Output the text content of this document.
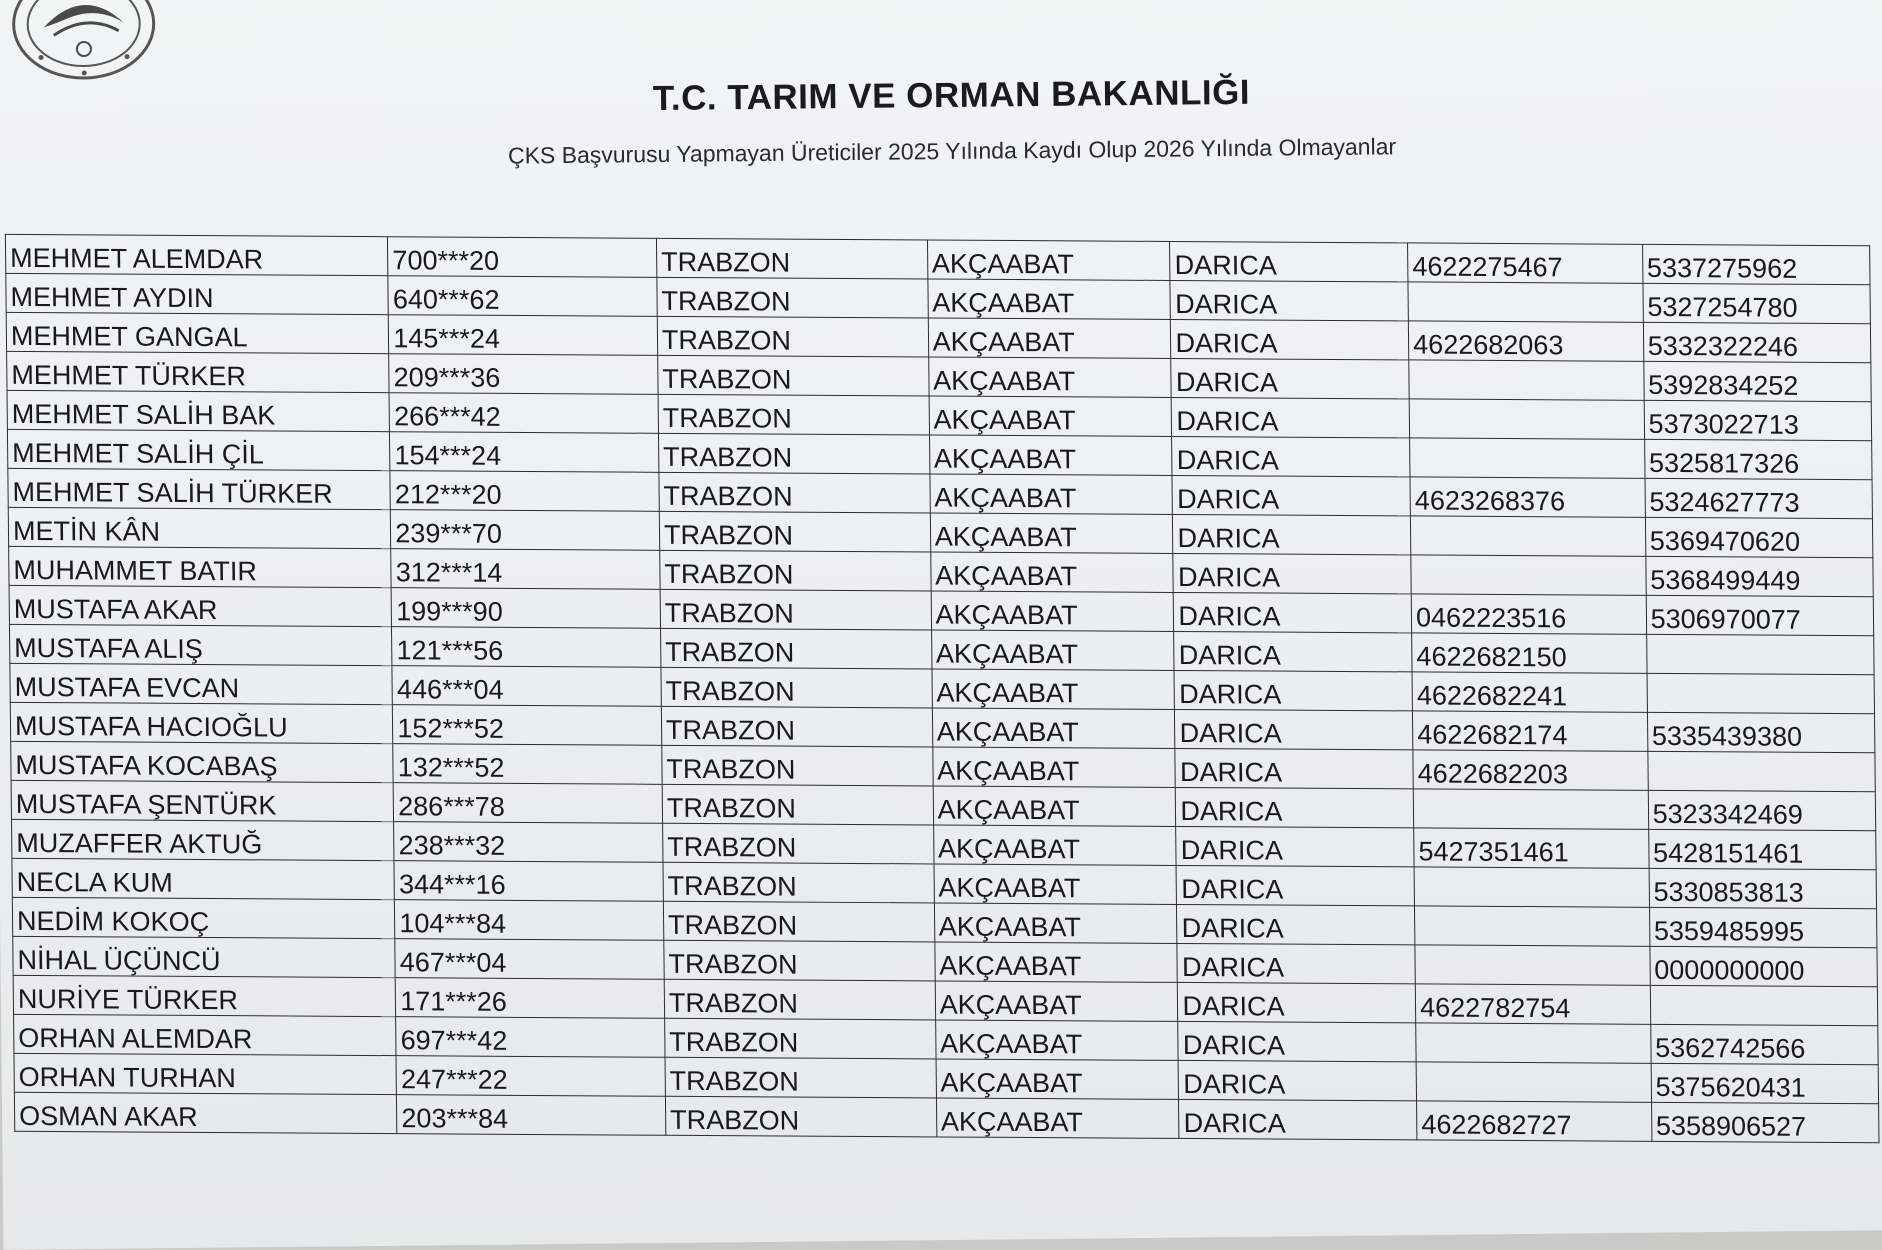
T.C. TARIM VE ORMAN BAKANLIĞI
ÇKS Başvurusu Yapmayan Üreticiler 2025 Yılında Kaydı Olup 2026 Yılında Olmayanlar
MEHMET ALEMDAR	700***20	TRABZON	AKÇAABAT	DARICA	4622275467	5337275962
MEHMET AYDIN	640***62	TRABZON	AKÇAABAT	DARICA		5327254780
MEHMET GANGAL	145***24	TRABZON	AKÇAABAT	DARICA	4622682063	5332322246
MEHMET TÜRKER	209***36	TRABZON	AKÇAABAT	DARICA		5392834252
MEHMET SALİH BAK	266***42	TRABZON	AKÇAABAT	DARICA		5373022713
MEHMET SALİH ÇİL	154***24	TRABZON	AKÇAABAT	DARICA		5325817326
MEHMET SALİH TÜRKER	212***20	TRABZON	AKÇAABAT	DARICA	4623268376	5324627773
METİN KÂN	239***70	TRABZON	AKÇAABAT	DARICA		5369470620
MUHAMMET BATIR	312***14	TRABZON	AKÇAABAT	DARICA		5368499449
MUSTAFA AKAR	199***90	TRABZON	AKÇAABAT	DARICA	0462223516	5306970077
MUSTAFA ALIŞ	121***56	TRABZON	AKÇAABAT	DARICA	4622682150	
MUSTAFA EVCAN	446***04	TRABZON	AKÇAABAT	DARICA	4622682241	
MUSTAFA HACIOĞLU	152***52	TRABZON	AKÇAABAT	DARICA	4622682174	5335439380
MUSTAFA KOCABAŞ	132***52	TRABZON	AKÇAABAT	DARICA	4622682203	
MUSTAFA ŞENTÜRK	286***78	TRABZON	AKÇAABAT	DARICA		5323342469
MUZAFFER AKTUĞ	238***32	TRABZON	AKÇAABAT	DARICA	5427351461	5428151461
NECLA KUM	344***16	TRABZON	AKÇAABAT	DARICA		5330853813
NEDİM KOKOÇ	104***84	TRABZON	AKÇAABAT	DARICA		5359485995
NİHAL ÜÇÜNCÜ	467***04	TRABZON	AKÇAABAT	DARICA		0000000000
NURİYE TÜRKER	171***26	TRABZON	AKÇAABAT	DARICA	4622782754	
ORHAN ALEMDAR	697***42	TRABZON	AKÇAABAT	DARICA		5362742566
ORHAN TURHAN	247***22	TRABZON	AKÇAABAT	DARICA		5375620431
OSMAN AKAR	203***84	TRABZON	AKÇAABAT	DARICA	4622682727	5358906527
